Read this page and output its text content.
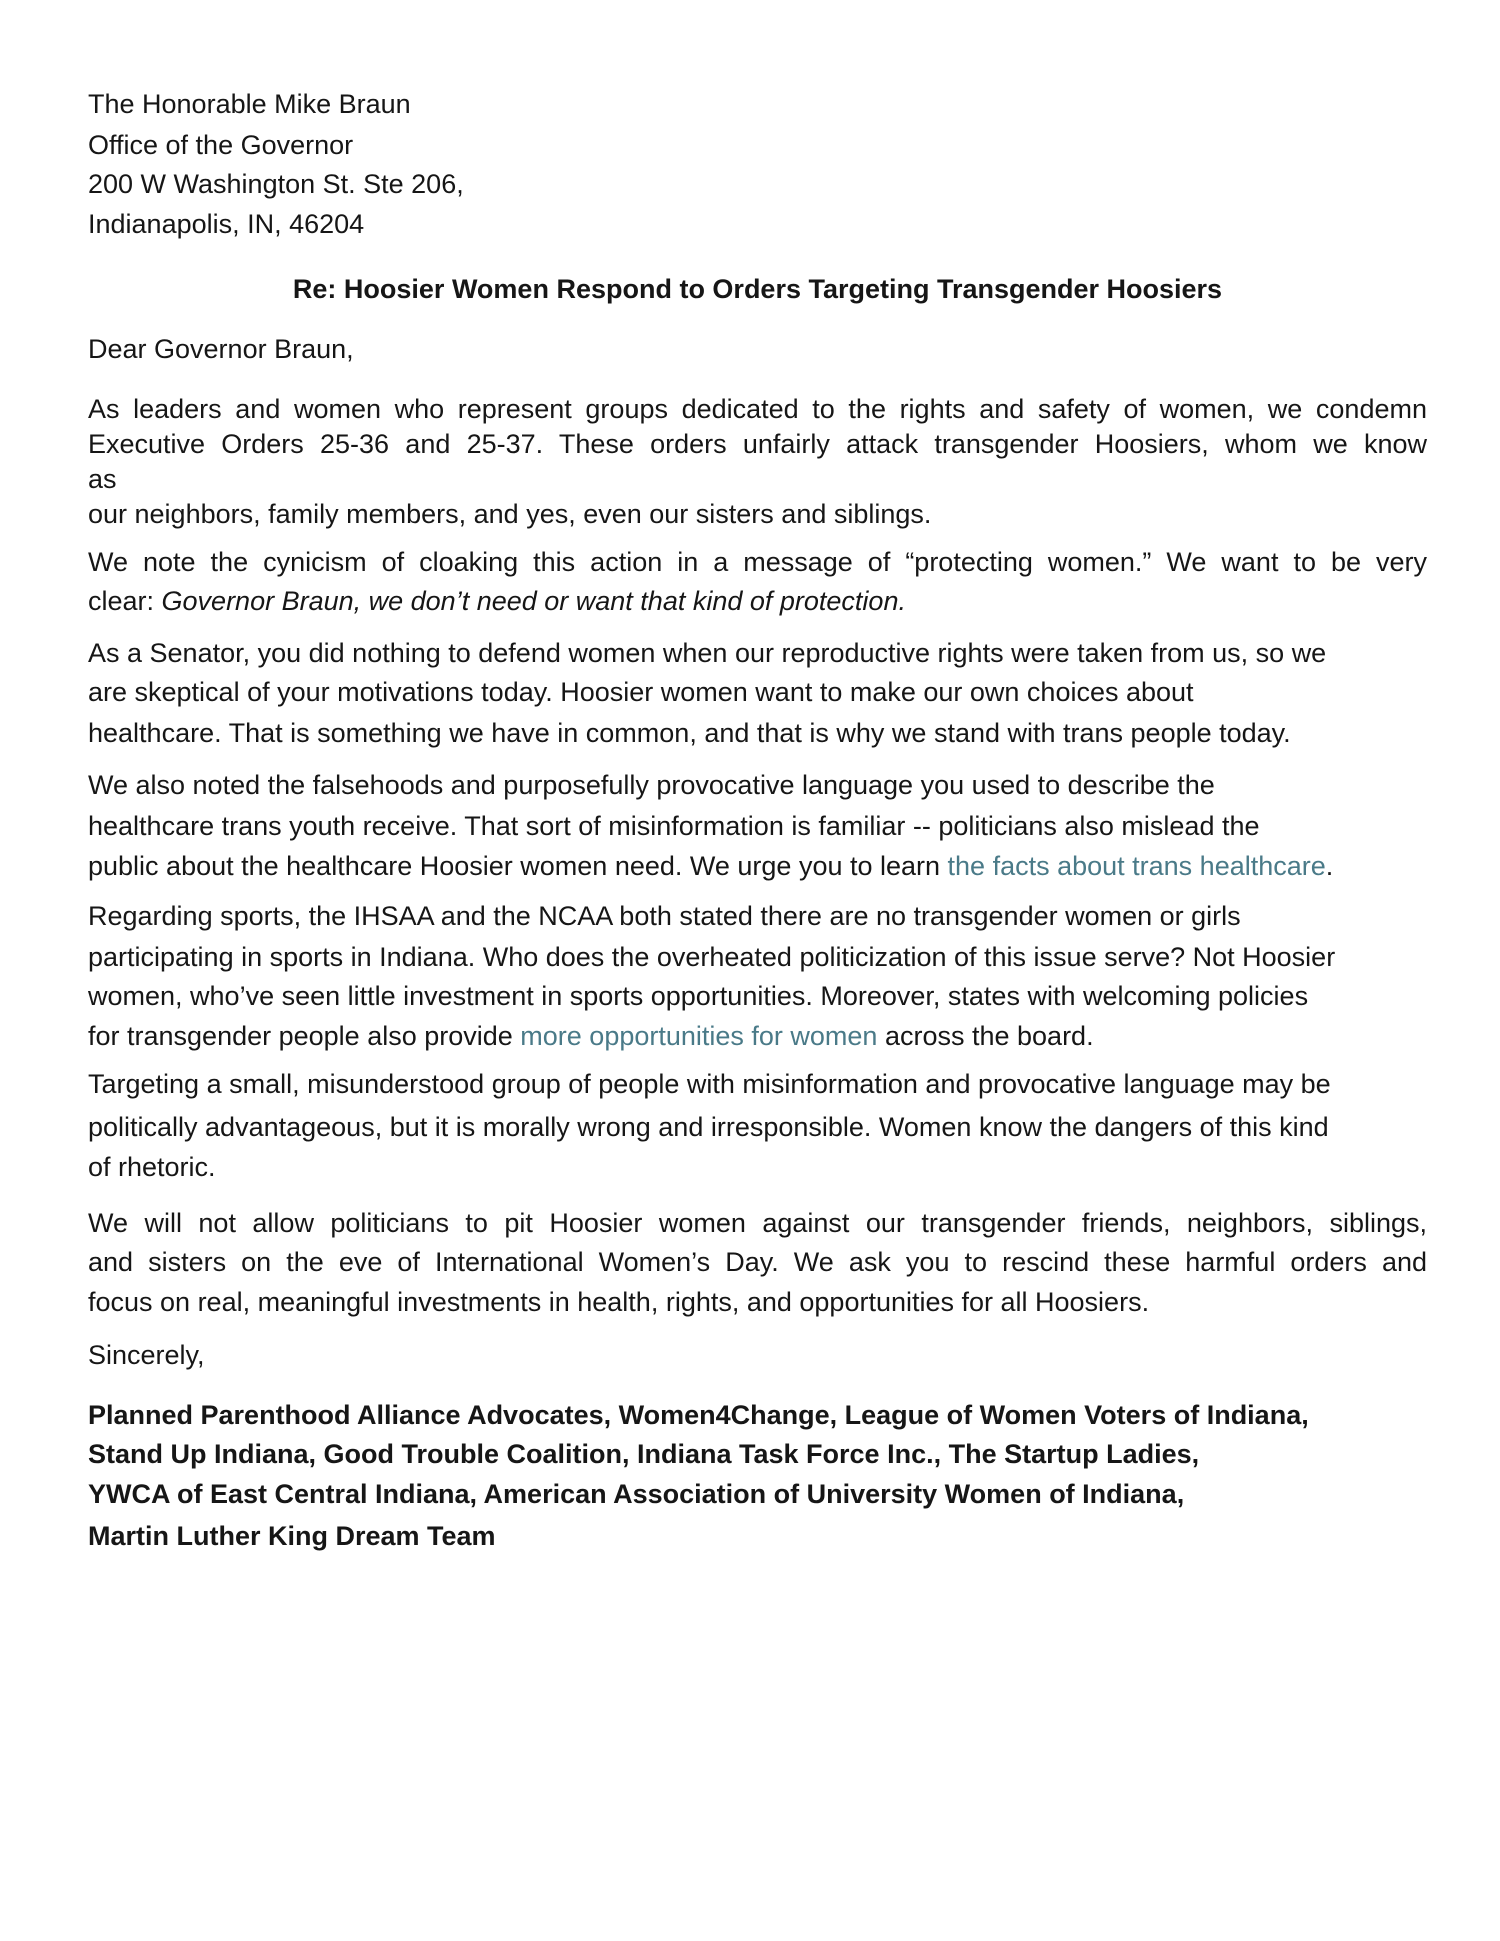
The Honorable Mike Braun
Office of the Governor
200 W Washington St. Ste 206,
Indianapolis, IN, 46204
Re: Hoosier Women Respond to Orders Targeting Transgender Hoosiers
Dear Governor Braun,
As leaders and women who represent groups dedicated to the rights and safety of women, we condemn
Executive Orders 25-36 and 25-37. These orders unfairly attack transgender Hoosiers, whom we know
as
our neighbors, family members, and yes, even our sisters and siblings.
We note the cynicism of cloaking this action in a message of “protecting women.” We want to be very
clear: Governor Braun, we don’t need or want that kind of protection.
As a Senator, you did nothing to defend women when our reproductive rights were taken from us, so we
are skeptical of your motivations today. Hoosier women want to make our own choices about
healthcare. That is something we have in common, and that is why we stand with trans people today.
We also noted the falsehoods and purposefully provocative language you used to describe the
healthcare trans youth receive. That sort of misinformation is familiar -- politicians also mislead the
public about the healthcare Hoosier women need. We urge you to learn the facts about trans healthcare.
Regarding sports, the IHSAA and the NCAA both stated there are no transgender women or girls
participating in sports in Indiana. Who does the overheated politicization of this issue serve? Not Hoosier
women, who’ve seen little investment in sports opportunities. Moreover, states with welcoming policies
for transgender people also provide more opportunities for women across the board.
Targeting a small, misunderstood group of people with misinformation and provocative language may be
politically advantageous, but it is morally wrong and irresponsible. Women know the dangers of this kind
of rhetoric.
We will not allow politicians to pit Hoosier women against our transgender friends, neighbors, siblings,
and sisters on the eve of International Women’s Day. We ask you to rescind these harmful orders and
focus on real, meaningful investments in health, rights, and opportunities for all Hoosiers.
Sincerely,
Planned Parenthood Alliance Advocates, Women4Change, League of Women Voters of Indiana,
Stand Up Indiana, Good Trouble Coalition, Indiana Task Force Inc., The Startup Ladies,
YWCA of East Central Indiana, American Association of University Women of Indiana,
Martin Luther King Dream Team
